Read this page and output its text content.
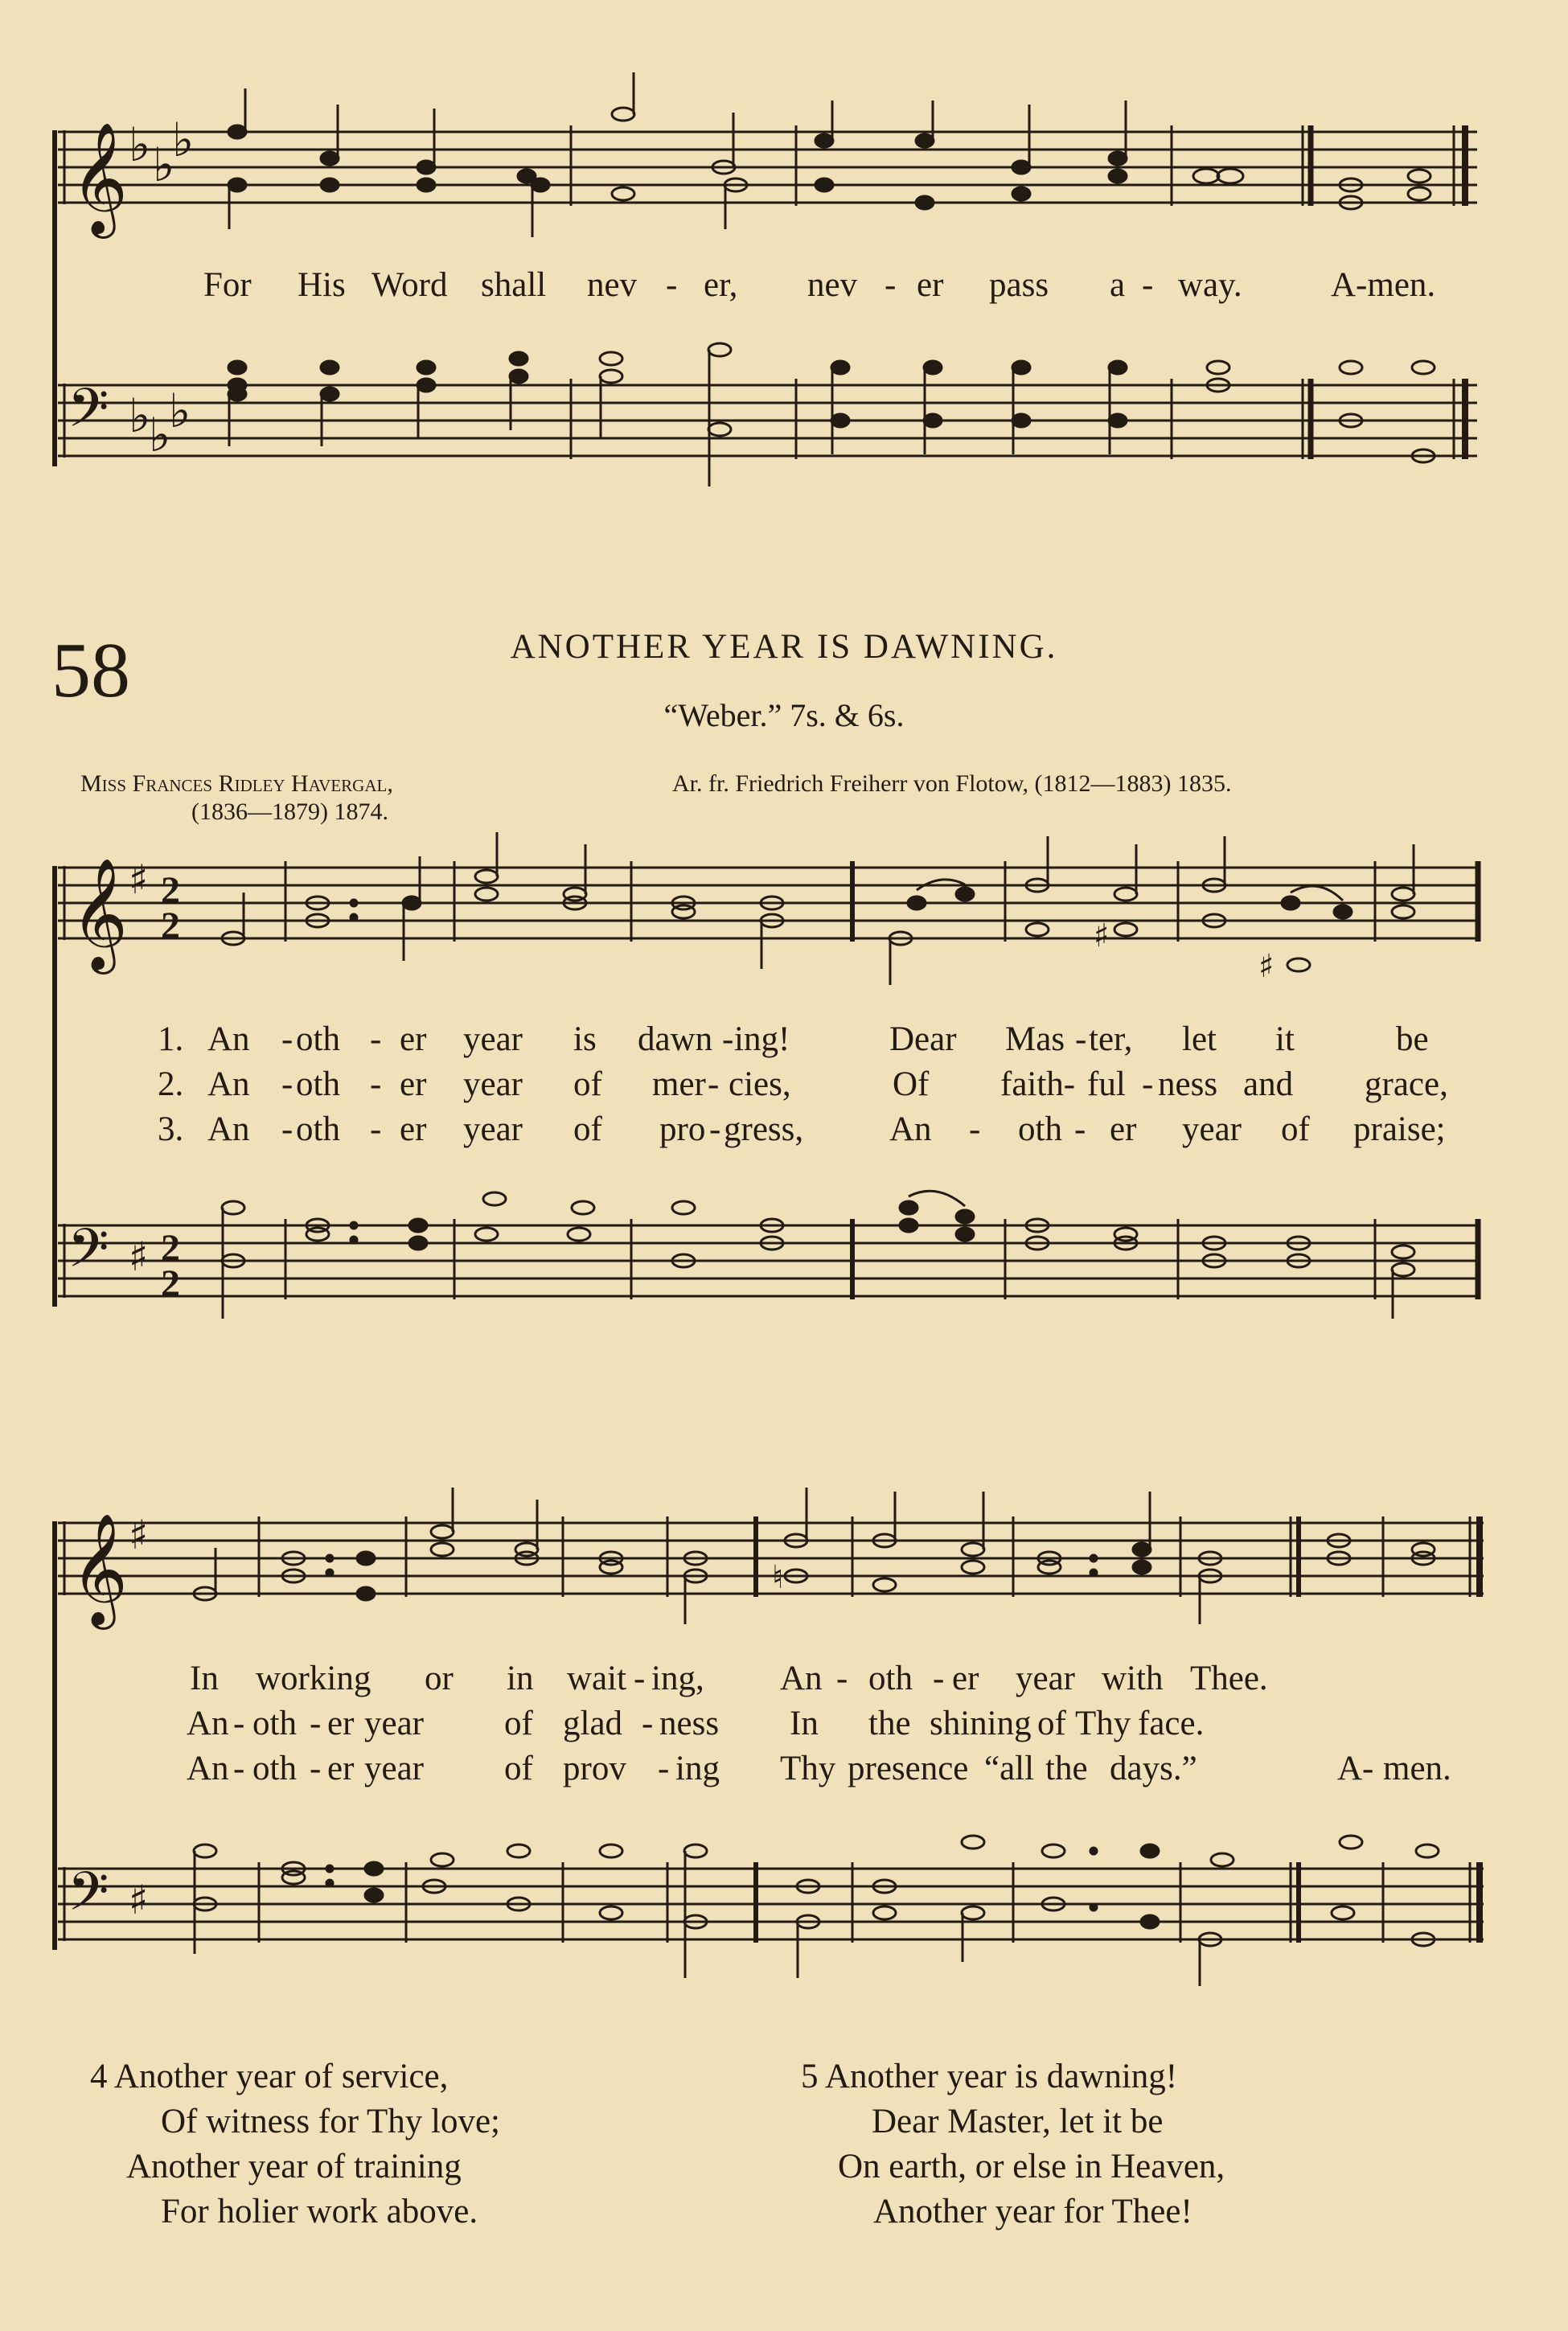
𝄞 ♭ ♭
♭
For His Word shall nev - er, nev - er pass a - way.	A-men.
𝄢 ♭
♭
♭
58	ANOTHER YEAR IS DAWNING.
“Weber.” 7s. & 6s.
Miss Frances Ridley Havergal,
(1836—1879) 1874.
Ar. fr. Friedrich Freiherr von Flotow, (1812—1883) 1835.
𝄞 ♯ 2
2	♯
♯
1. An - oth - er year is dawn - ing!	Dear Mas - ter, let it	be
2. An - oth - er year of mer - cies,	Of faith- ful - ness and grace,
3. An - oth - er year of pro - gress, An - oth - er year of praise;
𝄢 ♯ 2
2
𝄞 ♯
♮
In working or in wait - ing, An - oth - er year with Thee.
An - oth - er year of glad - ness In the shining of Thy face.
An - oth - er year of prov - ing Thy presence “all the days.”	A- men.
𝄢 ♯
4 Another year of service,
Of witness for Thy love;
Another year of training
For holier work above.
5 Another year is dawning!
Dear Master, let it be
On earth, or else in Heaven,
Another year for Thee!
